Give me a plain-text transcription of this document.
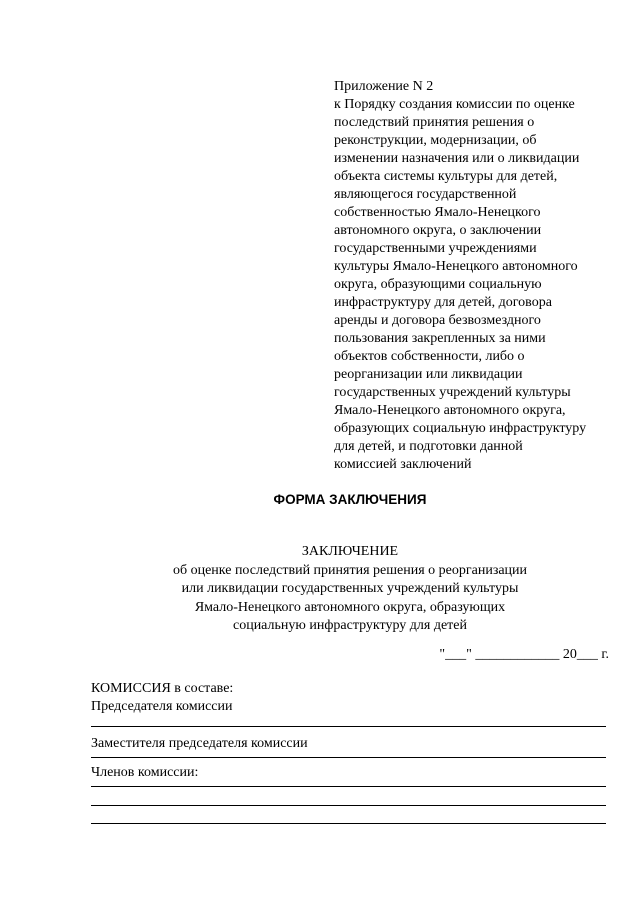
Приложение N 2
к Порядку создания комиссии по оценке
последствий принятия решения о
реконструкции, модернизации, об
изменении назначения или о ликвидации
объекта системы культуры для детей,
являющегося государственной
собственностью Ямало-Ненецкого
автономного округа, о заключении
государственными учреждениями
культуры Ямало-Ненецкого автономного
округа, образующими социальную
инфраструктуру для детей, договора
аренды и договора безвозмездного
пользования закрепленных за ними
объектов собственности, либо о
реорганизации или ликвидации
государственных учреждений культуры
Ямало-Ненецкого автономного округа,
образующих социальную инфраструктуру
для детей, и подготовки данной
комиссией заключений
ФОРМА ЗАКЛЮЧЕНИЯ
ЗАКЛЮЧЕНИЕ
об оценке последствий принятия решения о реорганизации
или ликвидации государственных учреждений культуры
Ямало-Ненецкого автономного округа, образующих
социальную инфраструктуру для детей
"___" ____________ 20___ г.
КОМИССИЯ в составе:
Председателя комиссии
Заместителя председателя комиссии
Членов комиссии:
